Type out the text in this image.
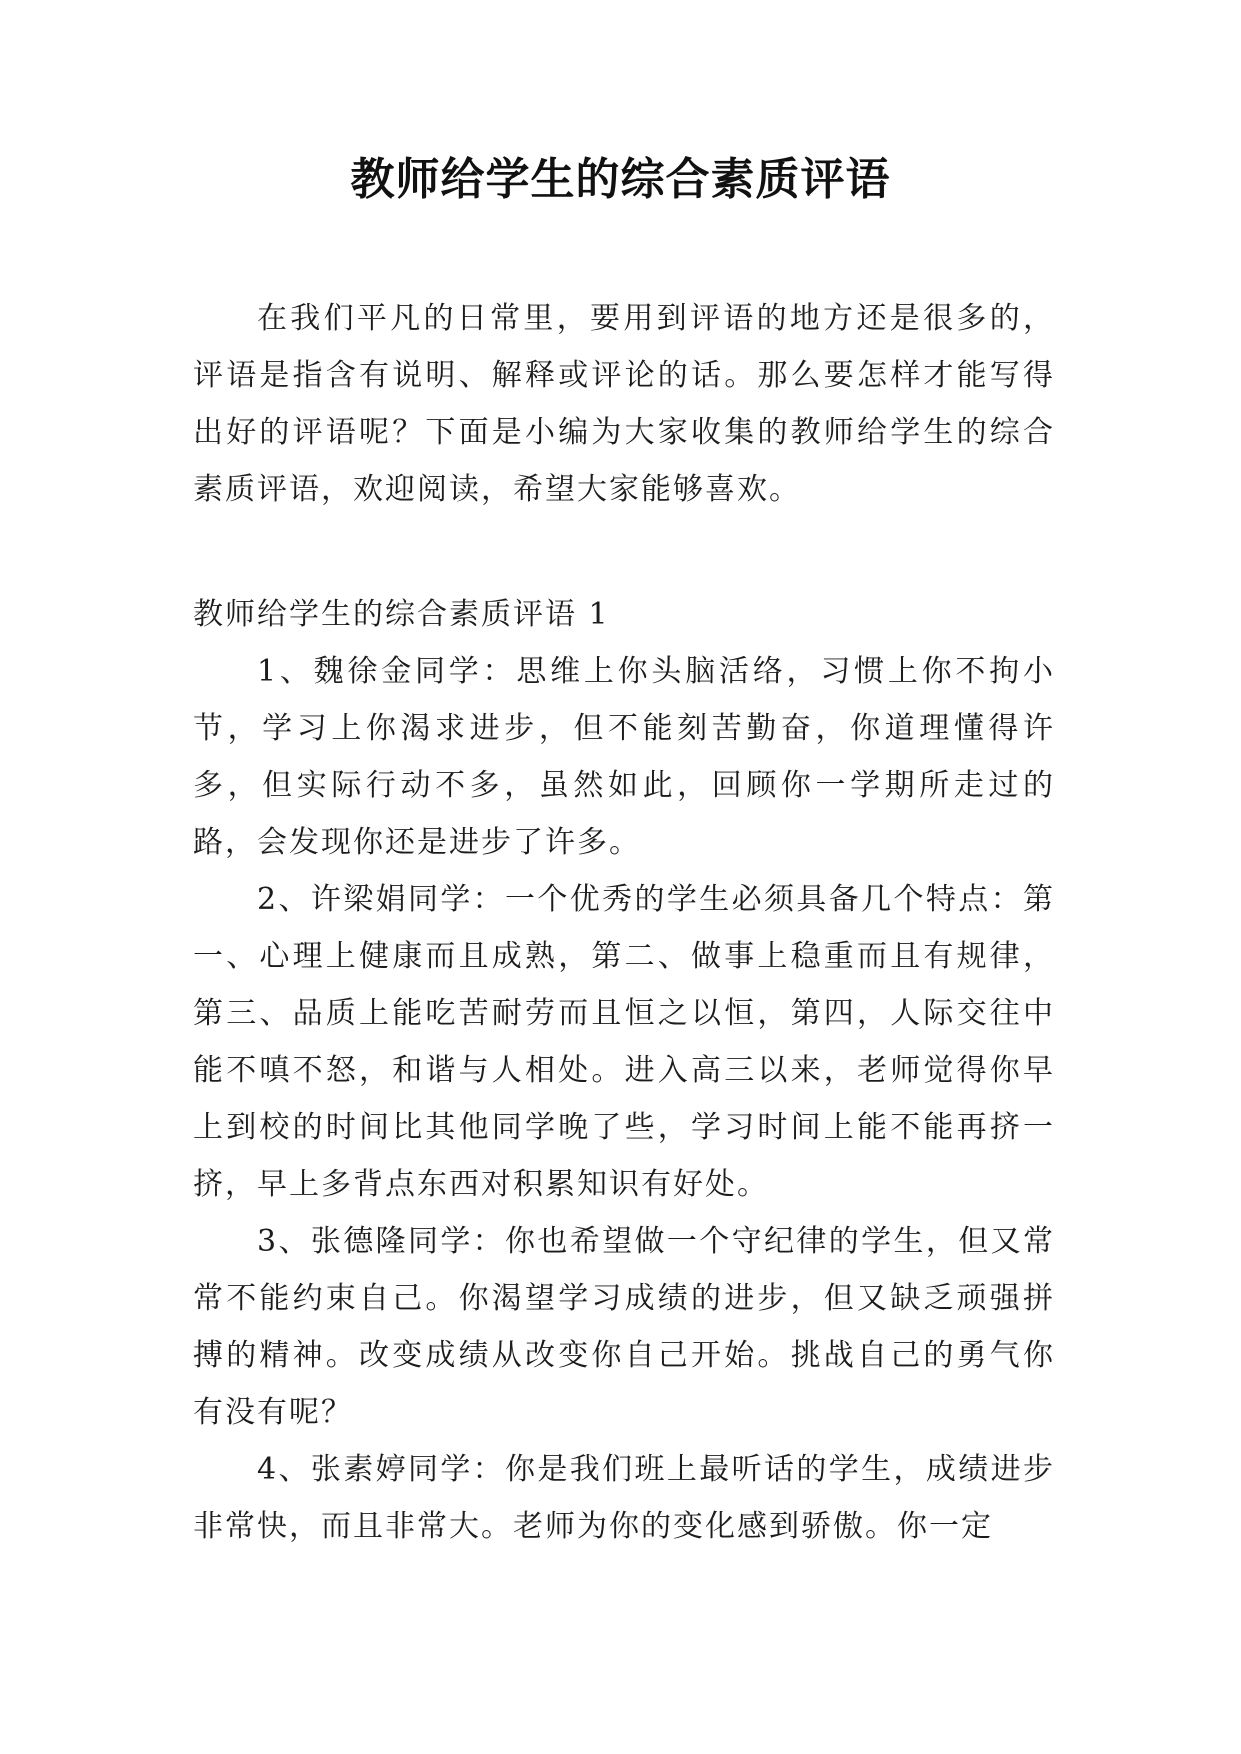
教师给学生的综合素质评语

在我们平凡的日常里，要用到评语的地方还是很多的，评语是指含有说明、解释或评论的话。那么要怎样才能写得出好的评语呢？下面是小编为大家收集的教师给学生的综合素质评语，欢迎阅读，希望大家能够喜欢。

教师给学生的综合素质评语 1

1、魏徐金同学：思维上你头脑活络，习惯上你不拘小节，学习上你渴求进步，但不能刻苦勤奋，你道理懂得许多，但实际行动不多，虽然如此，回顾你一学期所走过的路，会发现你还是进步了许多。

2、许梁娟同学：一个优秀的学生必须具备几个特点：第一、心理上健康而且成熟，第二、做事上稳重而且有规律，第三、品质上能吃苦耐劳而且恒之以恒，第四，人际交往中能不嗔不怒，和谐与人相处。进入高三以来，老师觉得你早上到校的时间比其他同学晚了些，学习时间上能不能再挤一挤，早上多背点东西对积累知识有好处。

3、张德隆同学：你也希望做一个守纪律的学生，但又常常不能约束自己。你渴望学习成绩的进步，但又缺乏顽强拼搏的精神。改变成绩从改变你自己开始。挑战自己的勇气你有没有呢？

4、张素婷同学：你是我们班上最听话的学生，成绩进步非常快，而且非常大。老师为你的变化感到骄傲。你一定
